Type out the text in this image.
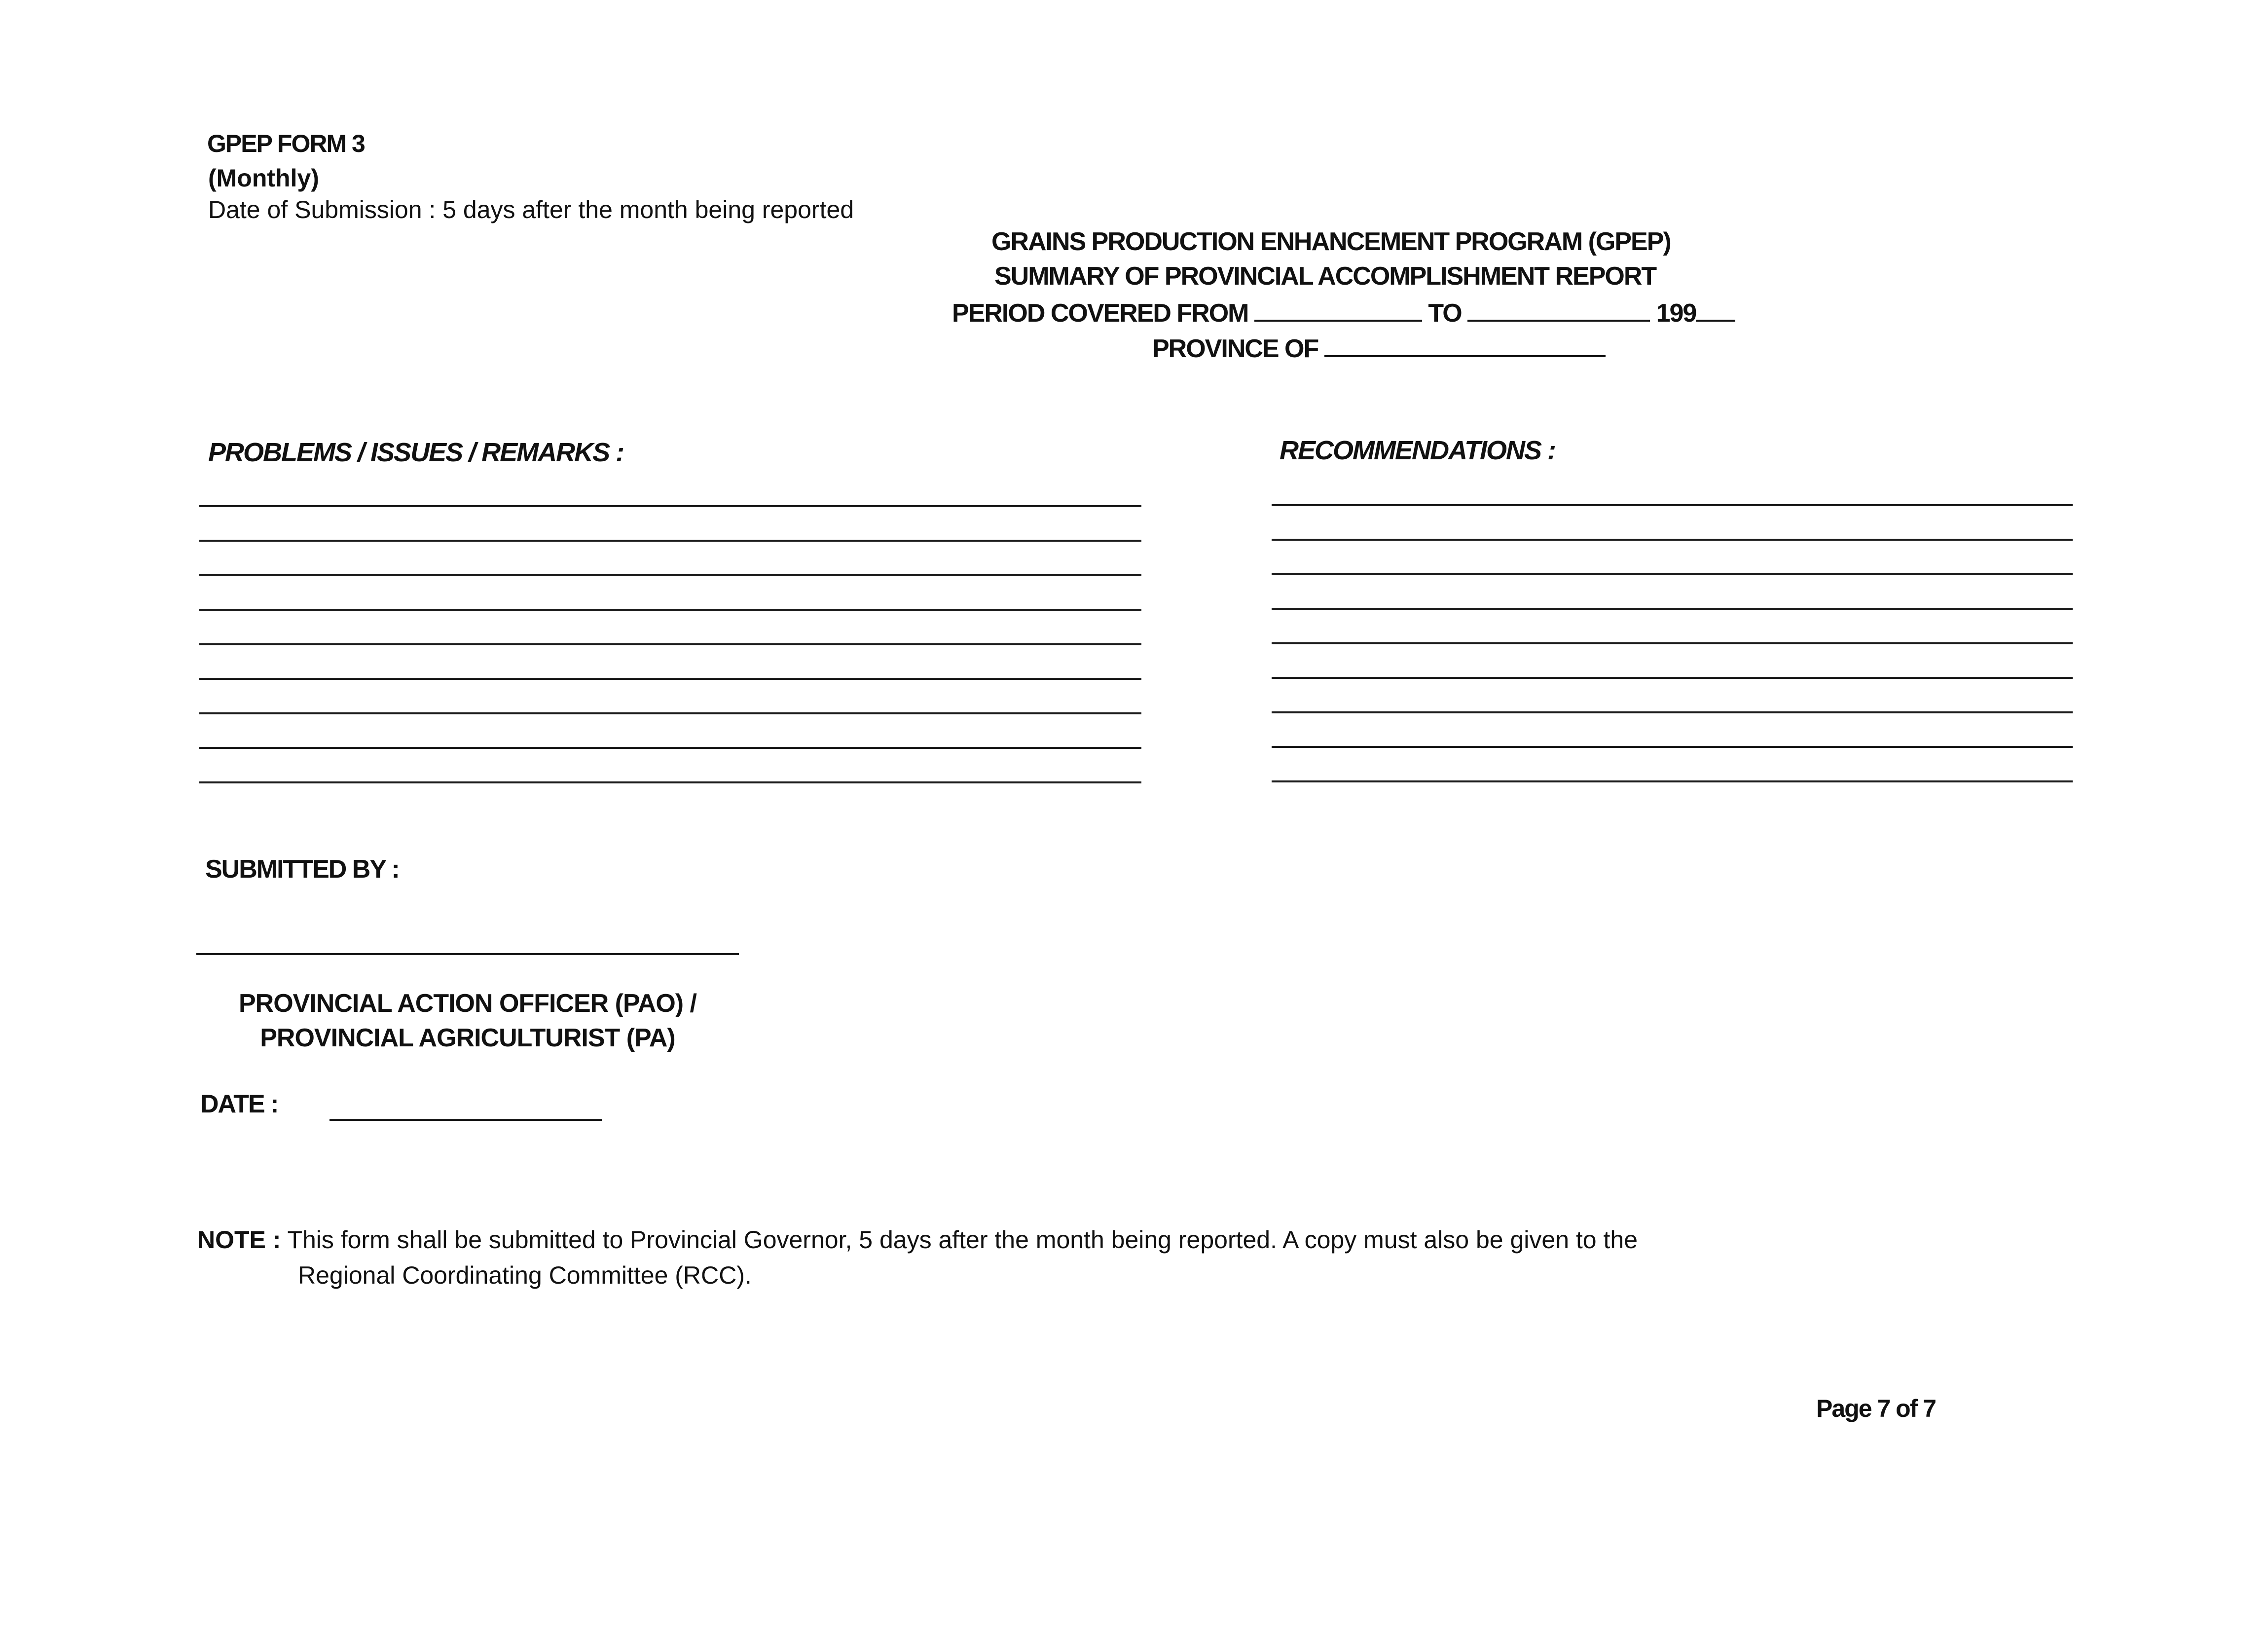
GPEP FORM 3
(Monthly)
Date of Submission : 5 days after the month being reported
GRAINS PRODUCTION ENHANCEMENT PROGRAM (GPEP)
SUMMARY OF PROVINCIAL ACCOMPLISHMENT REPORT
PERIOD COVERED FROM	TO	199
PROVINCE OF
PROBLEMS / ISSUES / REMARKS :	RECOMMENDATIONS :
SUBMITTED BY :
PROVINCIAL ACTION OFFICER (PAO) /
PROVINCIAL AGRICULTURIST (PA)
DATE :
NOTE : This form shall be submitted to Provincial Governor, 5 days after the month being reported. A copy must also be given to the
Regional Coordinating Committee (RCC).
Page 7 of 7
